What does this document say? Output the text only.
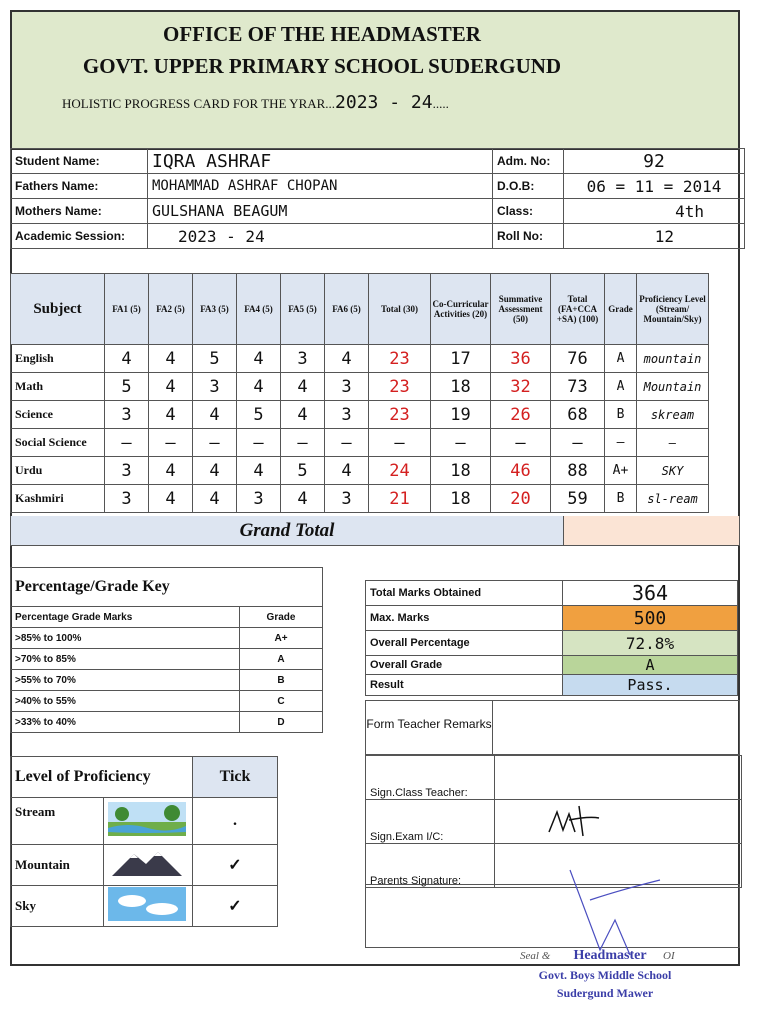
OFFICE OF THE HEADMASTER
GOVT. UPPER PRIMARY SCHOOL SUDERGUND
HOLISTIC PROGRESS CARD FOR THE YRAR...2023 - 24.....
Student Name:	IQRA ASHRAF	Adm. No:	92
Fathers Name:	MOHAMMAD ASHRAF CHOPAN	D.O.B:	06 = 11 = 2014
Mothers Name:	GULSHANA BEAGUM	Class:	4th
Academic Session:	2023 - 24	Roll No:	12
Subject	FA1 (5)	FA2 (5)	FA3 (5)	FA4 (5)	FA5 (5)	FA6 (5)	Total (30)	Co-Curricular Activities (20)	Summative Assessment (50)	Total (FA+CCA +SA) (100)	Grade	Proficiency Level (Stream/ Mountain/Sky)
English	4	4	5	4	3	4	23	17	36	76	A	mountain
Math	5	4	3	4	4	3	23	18	32	73	A	Mountain
Science	3	4	4	5	4	3	23	19	26	68	B	skream
Social Science	—	—	—	—	—	—	—	—	—	—	—	—
Urdu	3	4	4	4	5	4	24	18	46	88	A+	SKY
Kashmiri	3	4	4	3	4	3	21	18	20	59	B	sl-ream
Grand Total
Percentage/Grade Key	
Percentage Grade Marks	Grade
>85% to 100%	A+
>70% to 85%	A
>55% to 70%	B
>40% to 55%	C
>33% to 40%	D
Total Marks Obtained	364
Max. Marks	500
Overall Percentage	72.8%
Overall Grade	A
Result	Pass.
Level of Proficiency		Tick
Stream		.
Mountain		✓
Sky		✓
Form Teacher Remarks
Sign.Class Teacher:	
Sign.Exam I/C:	
Parents Signature:	
Seal &	OI
Headmaster
Govt. Boys Middle School
Sudergund Mawer
